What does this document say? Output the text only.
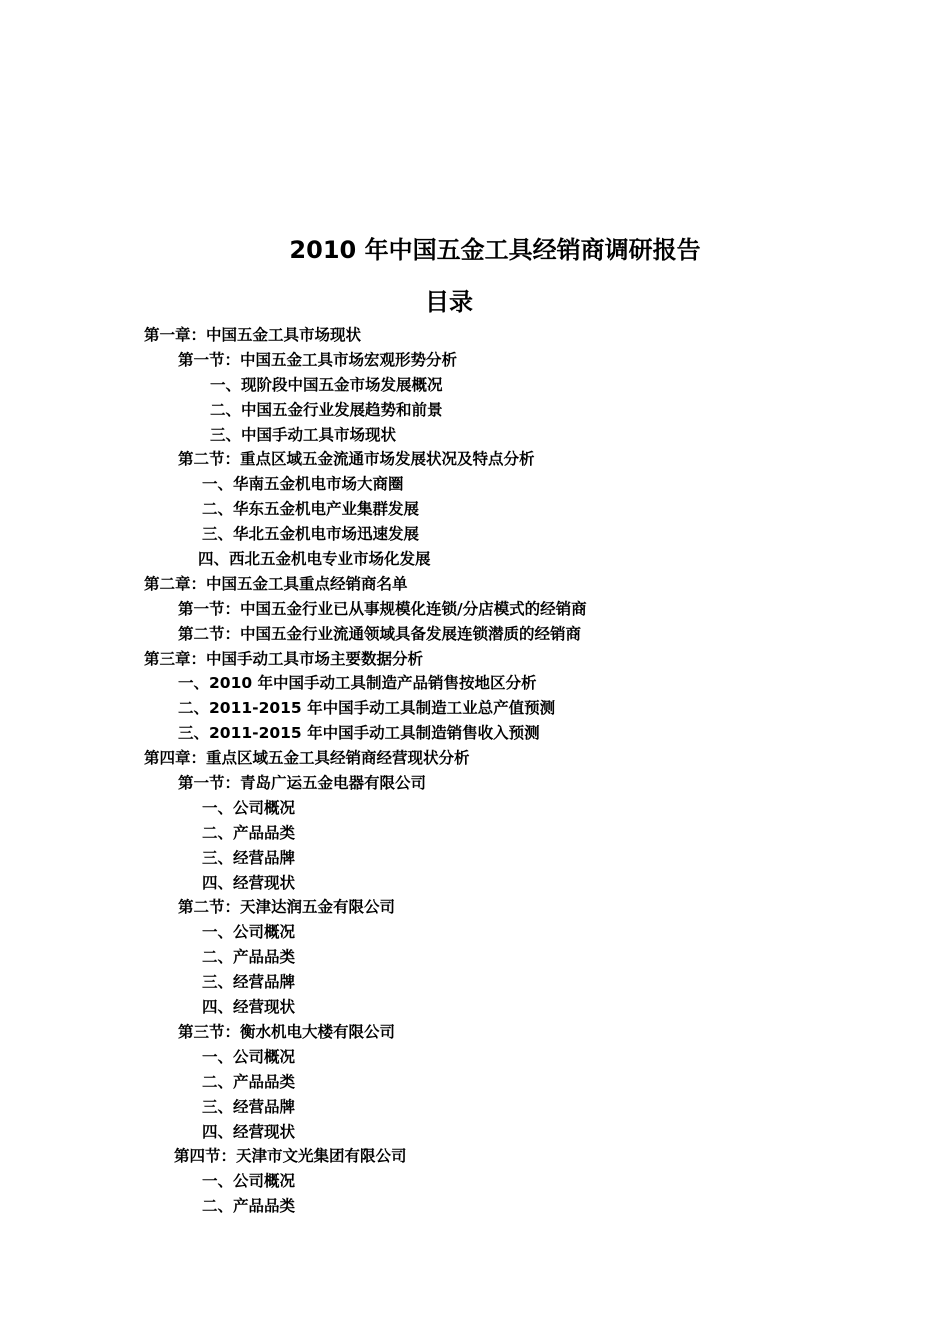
2010 年中国五金工具经销商调研报告
目录
第一章：中国五金工具市场现状
第一节：中国五金工具市场宏观形势分析
一、现阶段中国五金市场发展概况
二、中国五金行业发展趋势和前景
三、中国手动工具市场现状
第二节：重点区域五金流通市场发展状况及特点分析
一、华南五金机电市场大商圈
二、华东五金机电产业集群发展
三、华北五金机电市场迅速发展
四、西北五金机电专业市场化发展
第二章：中国五金工具重点经销商名单
第一节：中国五金行业已从事规模化连锁/分店模式的经销商
第二节：中国五金行业流通领域具备发展连锁潜质的经销商
第三章：中国手动工具市场主要数据分析
一、2010 年中国手动工具制造产品销售按地区分析
二、2011-2015 年中国手动工具制造工业总产值预测
三、2011-2015 年中国手动工具制造销售收入预测
第四章：重点区域五金工具经销商经营现状分析
第一节：青岛广运五金电器有限公司
一、公司概况
二、产品品类
三、经营品牌
四、经营现状
第二节：天津达润五金有限公司
一、公司概况
二、产品品类
三、经营品牌
四、经营现状
第三节：衡水机电大楼有限公司
一、公司概况
二、产品品类
三、经营品牌
四、经营现状
第四节：天津市文光集团有限公司
一、公司概况
二、产品品类
